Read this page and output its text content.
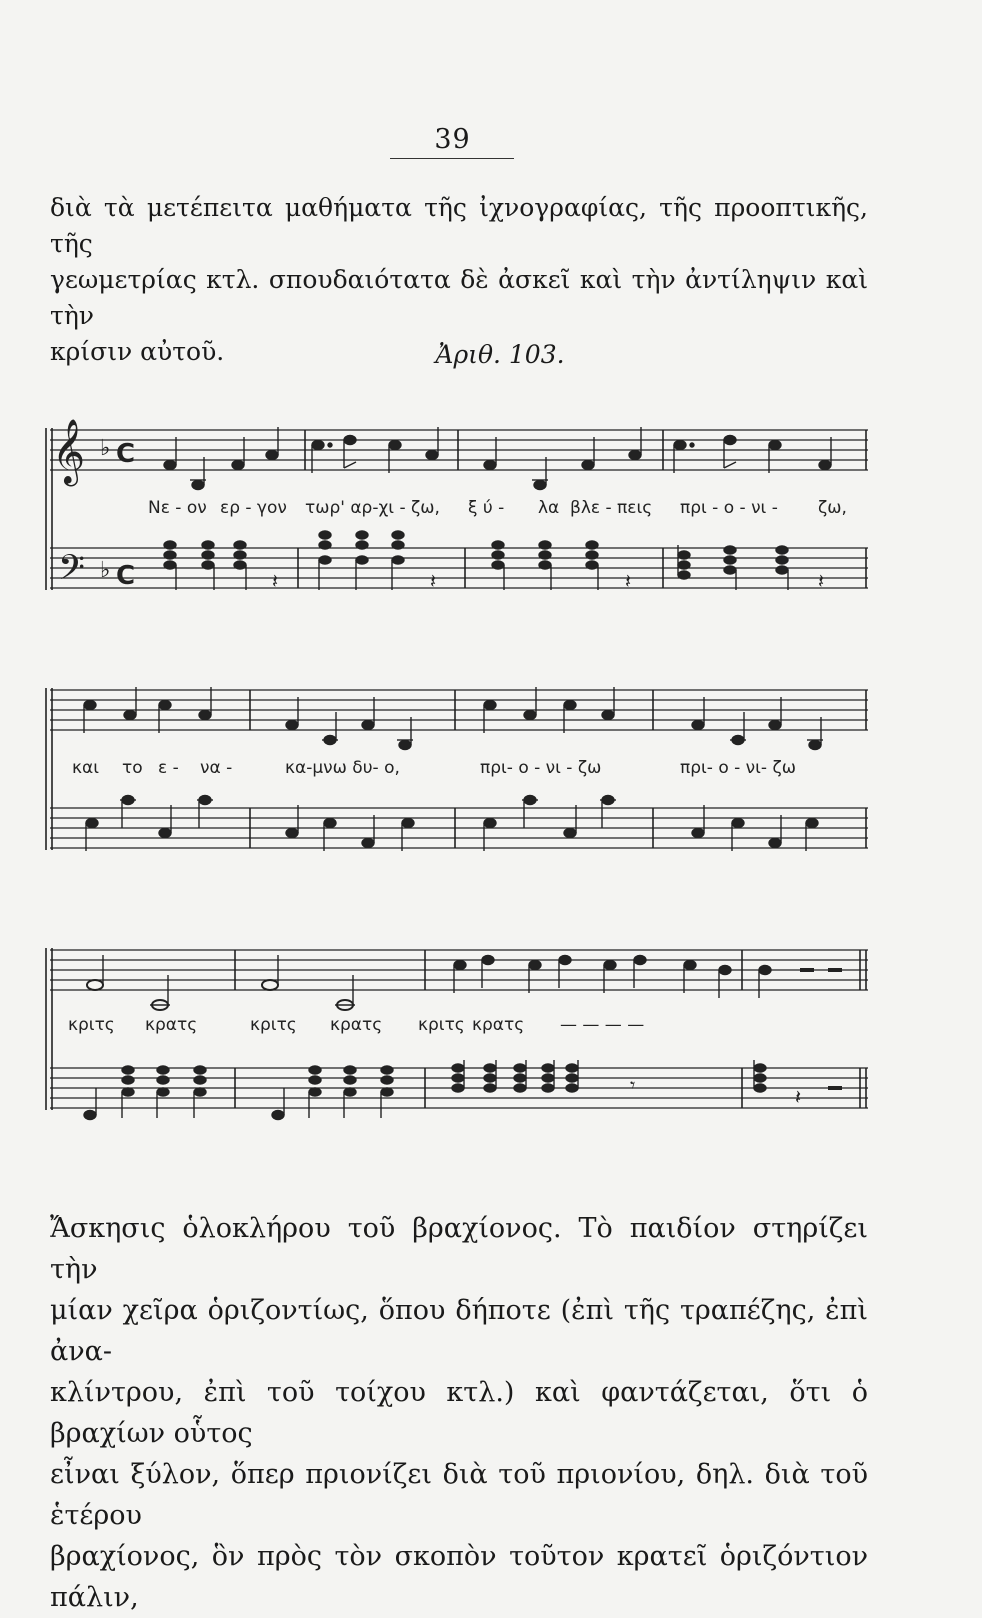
39

διὰ τὰ μετέπειτα μαθήματα τῆς ἰχνογραφίας, τῆς προοπτικῆς, τῆς

γεωμετρίας κτλ. σπουδαιότατα δὲ ἀσκεῖ καὶ τὴν ἀντίληψιν καὶ τὴν

κρίσιν αὐτοῦ.	Ἀριθ. 103.
𝄞 ♭ C
𝄢 ♭ C	𝄽	𝄽	𝄽	𝄽
Νε - ον ερ - γον τωρ' αρ-χι - ζω, ξ ύ - λα βλε - πεις πρι - ο - νι - ζω,
και το ε - να -	κα-μνω δυ- ο,	πρι- ο - νι - ζω	πρι- ο - νι- ζω
𝄾	𝄽
κριτς κρατς	κριτς κρατς κριτς κρατς — — — —

Ἄσκησις ὁλοκλήρου τοῦ βραχίονος. Τὸ παιδίον στηρίζει τὴν

μίαν χεῖρα ὁριζοντίως, ὅπου δήποτε (ἐπὶ τῆς τραπέζης, ἐπὶ ἀνα-

κλίντρου, ἐπὶ τοῦ τοίχου κτλ.) καὶ φαντάζεται, ὅτι ὁ βραχίων οὗτος

εἶναι ξύλον, ὅπερ πριονίζει διὰ τοῦ πριονίου, δηλ. διὰ τοῦ ἑτέρου

βραχίονος, ὃν πρὸς τὸν σκοπὸν τοῦτον κρατεῖ ὁριζόντιον πάλιν,
